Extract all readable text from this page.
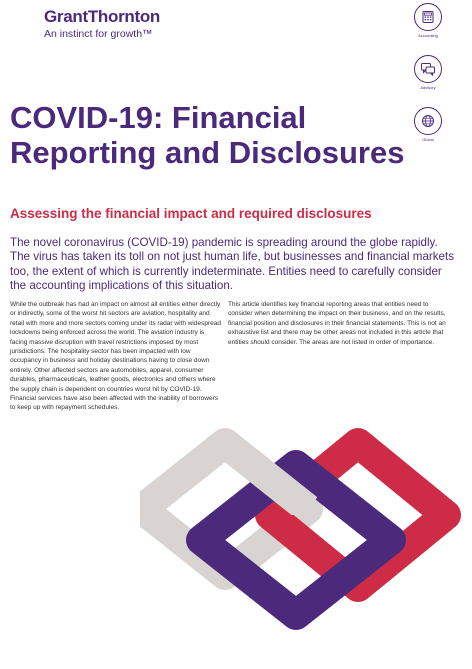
GrantThornton
An instinct for growth™	Accounting
Advisory
Global
COVID-19: Financial Reporting and Disclosures
Assessing the financial impact and required disclosures

The novel coronavirus (COVID-19) pandemic is spreading around the globe rapidly. The virus has taken its toll on not just human life, but businesses and financial markets too, the extent of which is currently indeterminate. Entities need to carefully consider the accounting implications of this situation.

While the outbreak has had an impact on almost all entities either directly or indirectly, some of the worst hit sectors are aviation, hospitality and retail with more and more sectors coming under its radar with widespread lockdowns being enforced across the world. The aviation industry is facing massive disruption with travel restrictions imposed by most jurisdictions. The hospitality sector has been impacted with low occupancy in business and holiday destinations having to close down entirely. Other affected sectors are automobiles, apparel, consumer durables, pharmaceuticals, leather goods, electronics and others where the supply chain is dependent on countries worst hit by COVID-19. Financial services have also been affected with the inability of borrowers to keep up with repayment schedules.

This article identifies key financial reporting areas that entities need to consider when determining the impact on their business, and on the results, financial position and disclosures in their financial statements. This is not an exhaustive list and there may be other areas not included in this article that entities should consider. The areas are not listed in order of importance.
